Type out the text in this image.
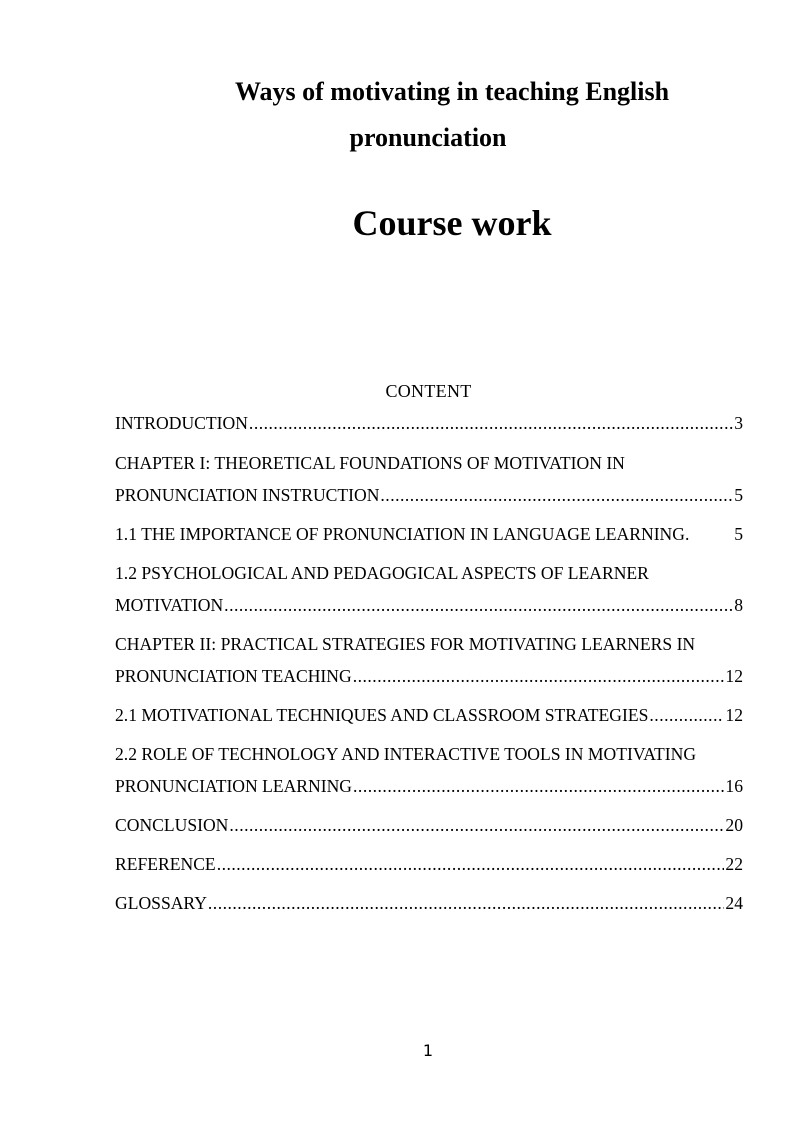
Ways of motivating in teaching English
pronunciation
Course work
CONTENT
INTRODUCTION .....	3
CHAPTER I: THEORETICAL FOUNDATIONS OF MOTIVATION IN
PRONUNCIATION INSTRUCTION .....	5
1.1 THE IMPORTANCE OF PRONUNCIATION IN LANGUAGE LEARNING.	5
1.2 PSYCHOLOGICAL AND PEDAGOGICAL ASPECTS OF LEARNER
MOTIVATION .....	8
CHAPTER II: PRACTICAL STRATEGIES FOR MOTIVATING LEARNERS IN
PRONUNCIATION TEACHING .....	12
2.1 MOTIVATIONAL TECHNIQUES AND CLASSROOM STRATEGIES .....	12
2.2 ROLE OF TECHNOLOGY AND INTERACTIVE TOOLS IN MOTIVATING
PRONUNCIATION LEARNING .....	16
CONCLUSION .....	20
REFERENCE .....	22
GLOSSARY .....	24
1
